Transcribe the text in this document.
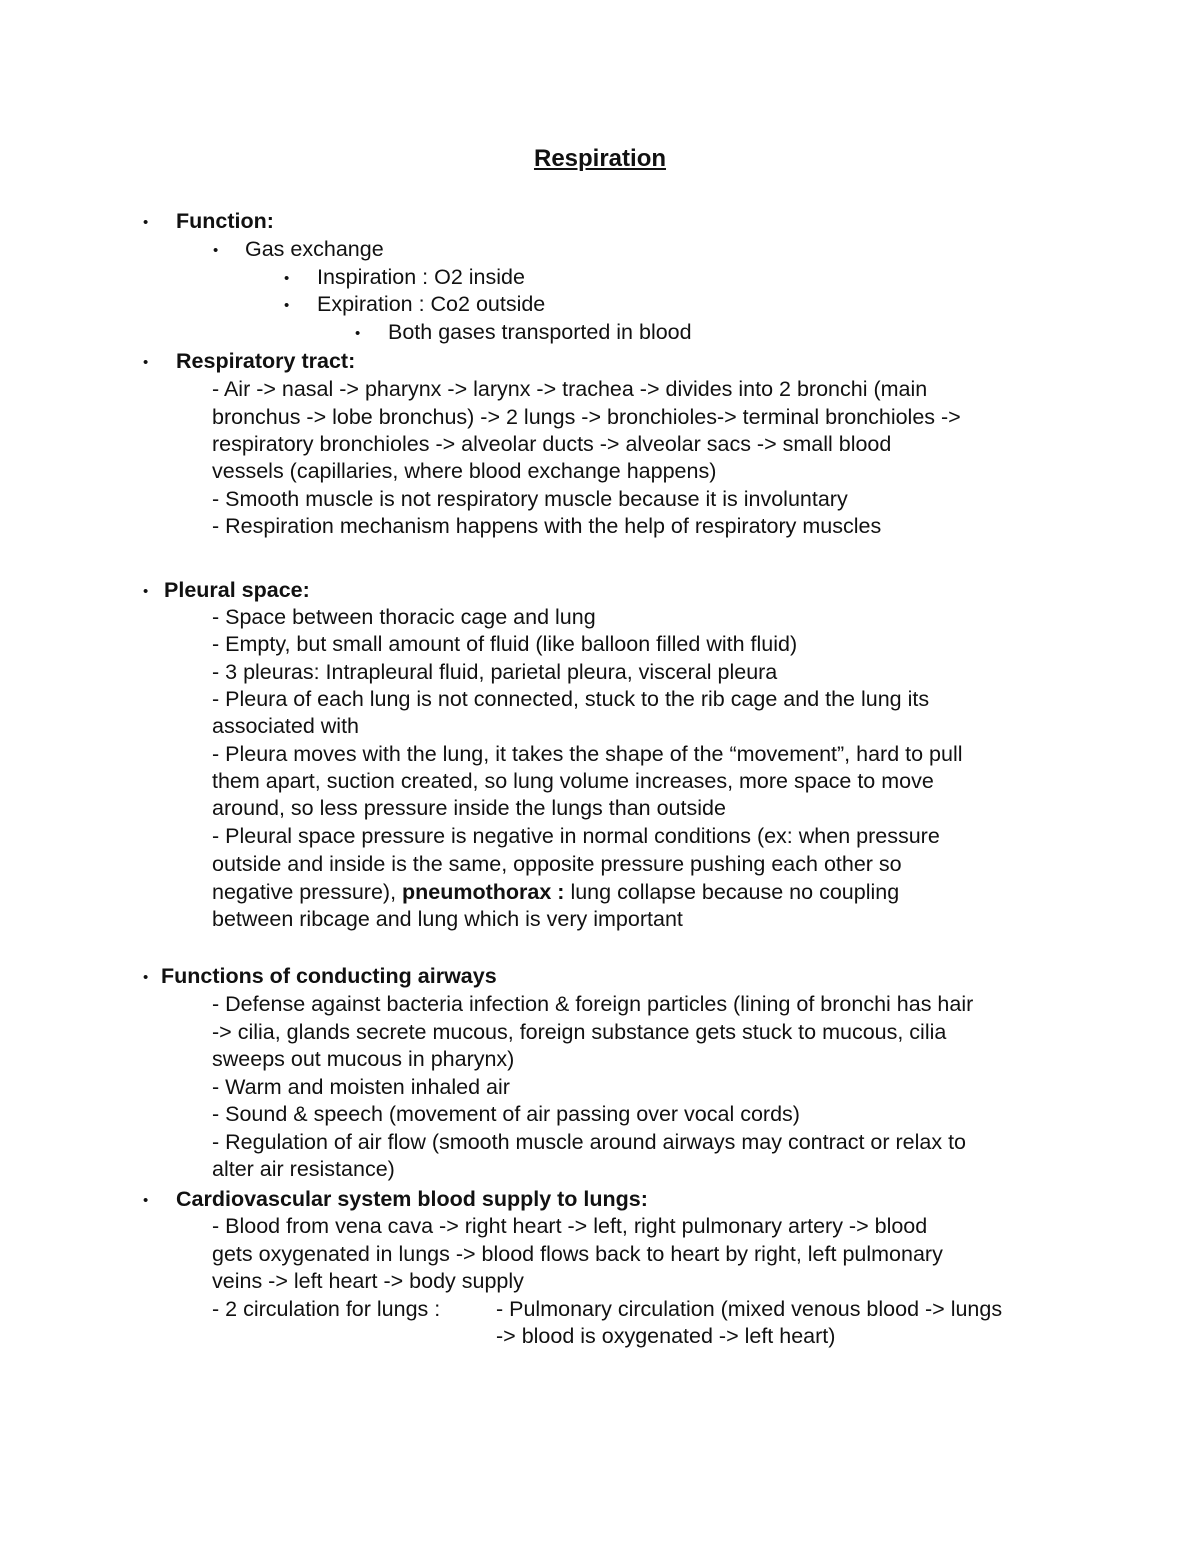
Respiration
• Function:
• Gas exchange
• Inspiration : O2 inside
• Expiration : Co2 outside
• Both gases transported in blood
• Respiratory tract:
- Air -> nasal -> pharynx -> larynx -> trachea -> divides into 2 bronchi (main
bronchus -> lobe bronchus) -> 2 lungs -> bronchioles-> terminal bronchioles ->
respiratory bronchioles -> alveolar ducts -> alveolar sacs -> small blood
vessels (capillaries, where blood exchange happens)
- Smooth muscle is not respiratory muscle because it is involuntary
- Respiration mechanism happens with the help of respiratory muscles
• Pleural space:
- Space between thoracic cage and lung
- Empty, but small amount of fluid (like balloon filled with fluid)
- 3 pleuras: Intrapleural fluid, parietal pleura, visceral pleura
- Pleura of each lung is not connected, stuck to the rib cage and the lung its
associated with
- Pleura moves with the lung, it takes the shape of the “movement”, hard to pull
them apart, suction created, so lung volume increases, more space to move
around, so less pressure inside the lungs than outside
- Pleural space pressure is negative in normal conditions (ex: when pressure
outside and inside is the same, opposite pressure pushing each other so
negative pressure), pneumothorax : lung collapse because no coupling
between ribcage and lung which is very important
• Functions of conducting airways
- Defense against bacteria infection & foreign particles (lining of bronchi has hair
-> cilia, glands secrete mucous, foreign substance gets stuck to mucous, cilia
sweeps out mucous in pharynx)
- Warm and moisten inhaled air
- Sound & speech (movement of air passing over vocal cords)
- Regulation of air flow (smooth muscle around airways may contract or relax to
alter air resistance)
• Cardiovascular system blood supply to lungs:
- Blood from vena cava -> right heart -> left, right pulmonary artery -> blood
gets oxygenated in lungs -> blood flows back to heart by right, left pulmonary
veins -> left heart -> body supply
- 2 circulation for lungs :	- Pulmonary circulation (mixed venous blood -> lungs
-> blood is oxygenated -> left heart)
